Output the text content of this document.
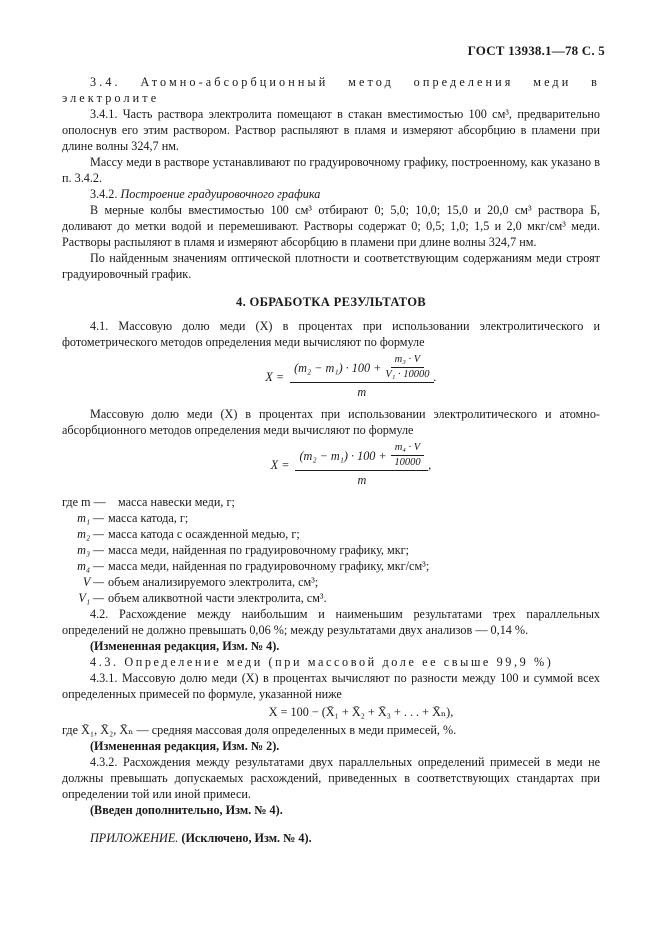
ГОСТ 13938.1—78 С. 5

3.4. Атомно-абсорбционный метод определения меди в электролите

3.4.1. Часть раствора электролита помещают в стакан вместимостью 100 см³, предварительно ополоснув его этим раствором. Раствор распыляют в пламя и измеряют абсорбцию в пламени при длине волны 324,7 нм.

Массу меди в растворе устанавливают по градуировочному графику, построенному, как указано в п. 3.4.2.

3.4.2. Построение градуировочного графика

В мерные колбы вместимостью 100 см³ отбирают 0; 5,0; 10,0; 15,0 и 20,0 см³ раствора Б, доливают до метки водой и перемешивают. Растворы содержат 0; 0,5; 1,0; 1,5 и 2,0 мкг/см³ меди. Растворы распыляют в пламя и измеряют абсорбцию в пламени при длине волны 324,7 нм.

По найденным значениям оптической плотности и соответствующим содержаниям меди строят градуировочный график.

4. ОБРАБОТКА РЕЗУЛЬТАТОВ

4.1. Массовую долю меди (X) в процентах при использовании электролитического и фотометрического методов определения меди вычисляют по формуле

X =
$(m_2 - m_1) \cdot 100 + \frac{\text{m₃ · V}}{\text{V₁ · 10000}}$
m
.

Массовую долю меди (X) в процентах при использовании электролитического и атомно-абсорбционного методов определения меди вычисляют по формуле

$X = \frac{(m_2 - m_1) \cdot 100 + \frac{\text{m₄ · V}}{10000}}{m}$ ,
где m —	масса навески меди, г;
m₁ — масса катода, г;
m₂ — масса катода с осажденной медью, г;
m₃ — масса меди, найденная по градуировочному графику, мкг;
m₄ — масса меди, найденная по градуировочному графику, мкг/см³;
V — объем анализируемого электролита, см³;
V₁ — объем аликвотной части электролита, см³.

4.2. Расхождение между наибольшим и наименьшим результатами трех параллельных определений не должно превышать 0,06 %; между результатами двух анализов — 0,14 %.

(Измененная редакция, Изм. № 4).

4.3. Определение меди (при массовой доле ее свыше 99,9 %)

4.3.1. Массовую долю меди (X) в процентах вычисляют по разности между 100 и суммой всех определенных примесей по формуле, указанной ниже

X = 100 − (X̄₁ + X̄₂ + X̄₃ + . . . + X̄ₙ),

где X̄₁, X̄₂, X̄ₙ — средняя массовая доля определенных в меди примесей, %.

(Измененная редакция, Изм. № 2).

4.3.2. Расхождения между результатами двух параллельных определений примесей в меди не должны превышать допускаемых расхождений, приведенных в соответствующих стандартах при определении той или иной примеси.

(Введен дополнительно, Изм. № 4).

ПРИЛОЖЕНИЕ. (Исключено, Изм. № 4).
